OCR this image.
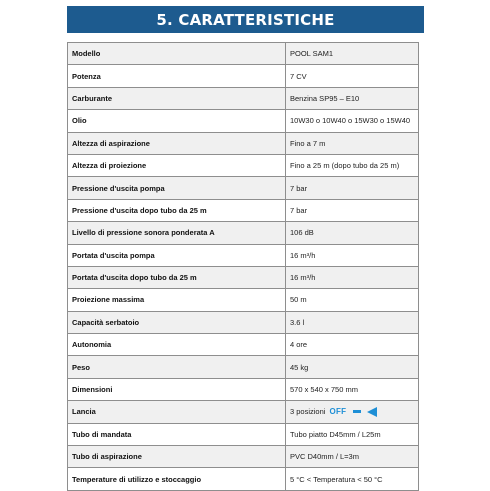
5. CARATTERISTICHE
Modello	POOL SAM1
Potenza	7 CV
Carburante	Benzina SP95 – E10
Olio	10W30 o 10W40 o 15W30 o 15W40
Altezza di aspirazione	Fino a 7 m
Altezza di proiezione	Fino a 25 m (dopo tubo da 25 m)
Pressione d'uscita pompa	7 bar
Pressione d'uscita dopo tubo da 25 m	7 bar
Livello di pressione sonora ponderata A	106 dB
Portata d'uscita pompa	16 m³/h
Portata d'uscita dopo tubo da 25 m	16 m³/h
Proiezione massima	50 m
Capacità serbatoio	3.6 l
Autonomia	4 ore
Peso	45 kg
Dimensioni	570 x 540 x 750 mm
Lancia	3 posizioni OFF

Tubo di mandata	Tubo piatto D45mm / L25m
Tubo di aspirazione	PVC D40mm / L=3m
Temperature di utilizzo e stoccaggio	5 °C < Temperatura < 50 °C
